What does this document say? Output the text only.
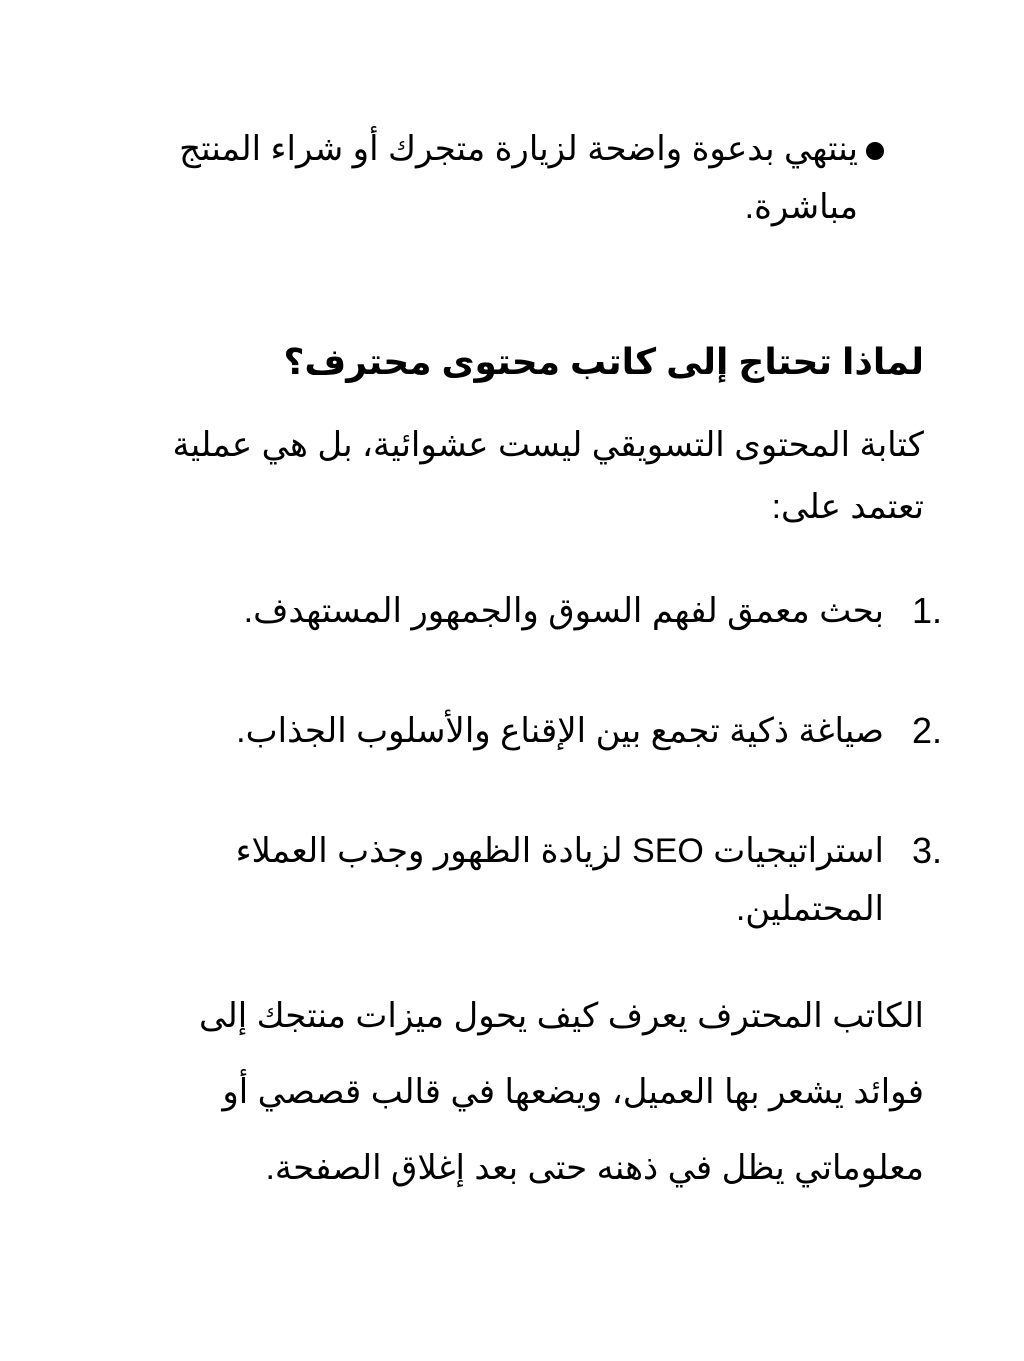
ينتهي بدعوة واضحة لزيارة متجرك أو شراء المنتج مباشرة.
لماذا تحتاج إلى كاتب محتوى محترف؟
كتابة المحتوى التسويقي ليست عشوائية، بل هي عملية تعتمد على:
1.
بحث معمق لفهم السوق والجمهور المستهدف.
2.
صياغة ذكية تجمع بين الإقناع والأسلوب الجذاب.
3.
استراتيجيات SEO لزيادة الظهور وجذب العملاء المحتملين.
الكاتب المحترف يعرف كيف يحول ميزات منتجك إلى فوائد يشعر بها العميل، ويضعها في قالب قصصي أو معلوماتي يظل في ذهنه حتى بعد إغلاق الصفحة.
